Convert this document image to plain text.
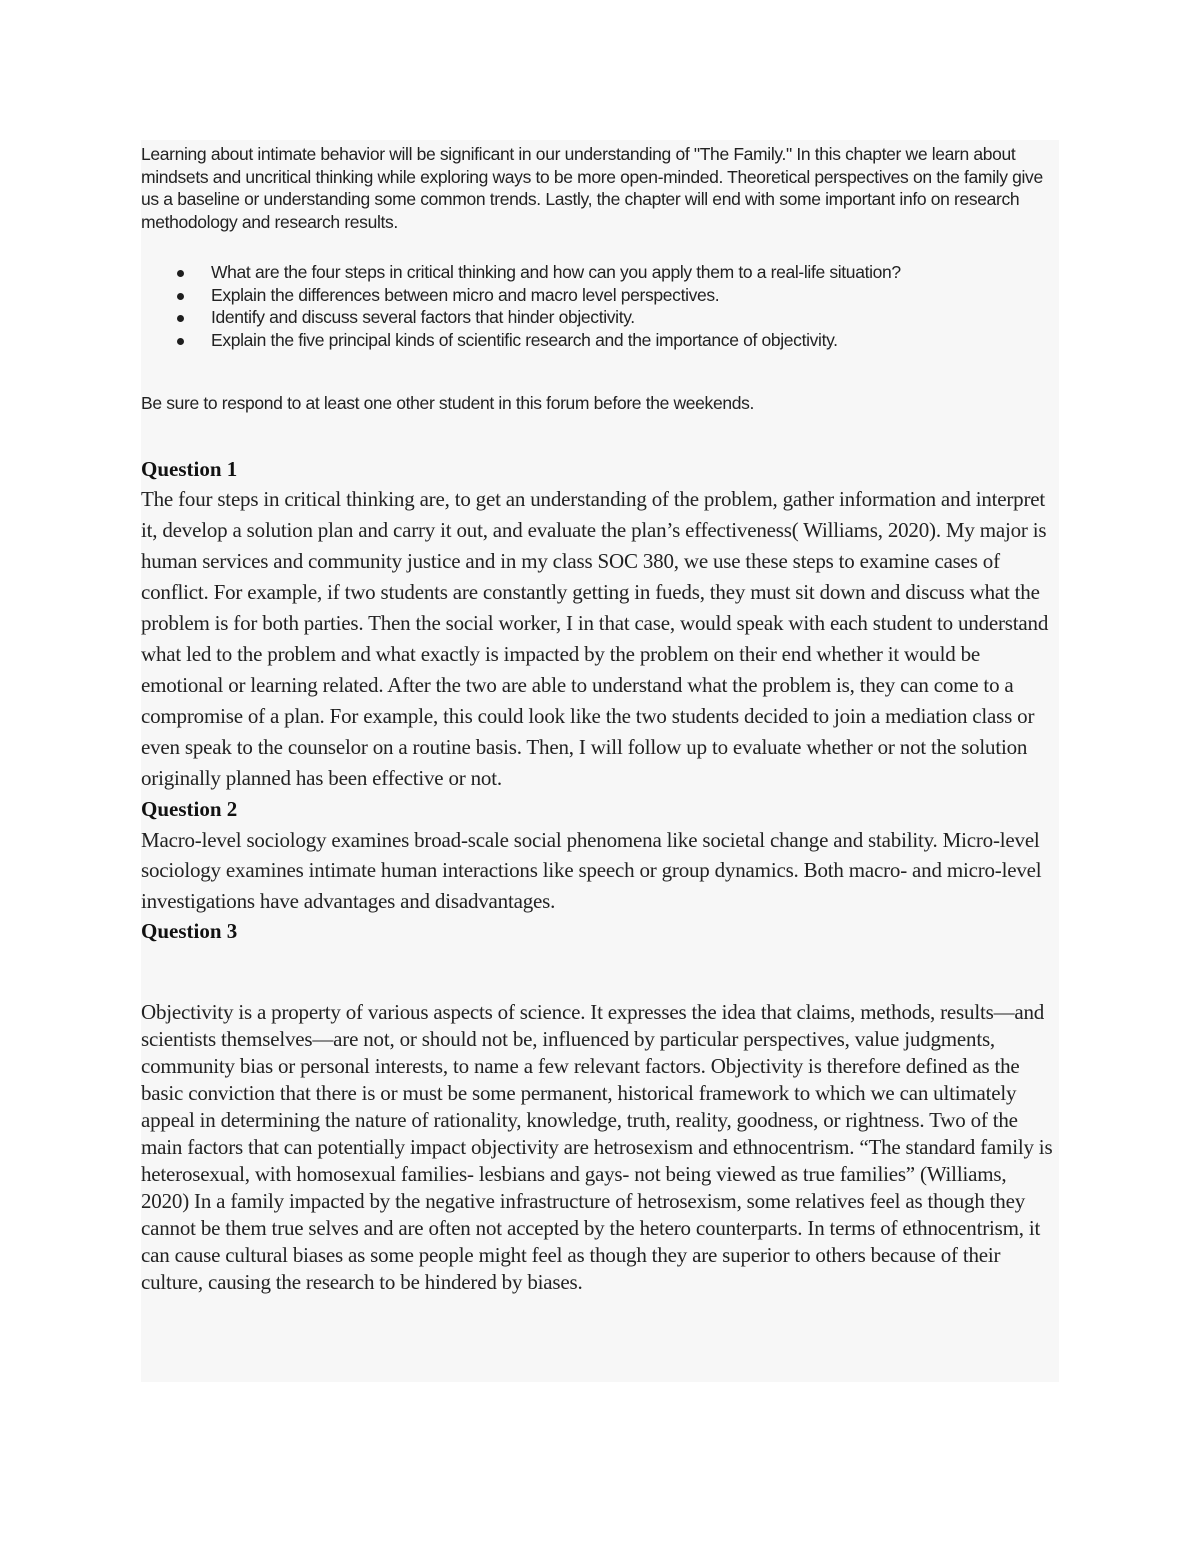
Learning about intimate behavior will be significant in our understanding of "The Family." In this chapter we learn about mindsets and uncritical thinking while exploring ways to be more open-minded. Theoretical perspectives on the family give us a baseline or understanding some common trends. Lastly, the chapter will end with some important info on research methodology and research results.

What are the four steps in critical thinking and how can you apply them to a real-life situation?
Explain the differences between micro and macro level perspectives.
Identify and discuss several factors that hinder objectivity.
Explain the five principal kinds of scientific research and the importance of objectivity.

Be sure to respond to at least one other student in this forum before the weekends.

Question 1

The four steps in critical thinking are, to get an understanding of the problem, gather information and interpret it, develop a solution plan and carry it out, and evaluate the plan’s effectiveness( Williams, 2020). My major is human services and community justice and in my class SOC 380, we use these steps to examine cases of conflict. For example, if two students are constantly getting in fueds, they must sit down and discuss what the problem is for both parties. Then the social worker, I in that case, would speak with each student to understand what led to the problem and what exactly is impacted by the problem on their end whether it would be emotional or learning related. After the two are able to understand what the problem is, they can come to a compromise of a plan. For example, this could look like the two students decided to join a mediation class or even speak to the counselor on a routine basis. Then, I will follow up to evaluate whether or not the solution originally planned has been effective or not.

Question 2

Macro-level sociology examines broad-scale social phenomena like societal change and stability. Micro-level sociology examines intimate human interactions like speech or group dynamics. Both macro- and micro-level investigations have advantages and disadvantages.

Question 3

Objectivity is a property of various aspects of science. It expresses the idea that claims, methods, results—and scientists themselves—are not, or should not be, influenced by particular perspectives, value judgments, community bias or personal interests, to name a few relevant factors. Objectivity is therefore defined as the basic conviction that there is or must be some permanent, historical framework to which we can ultimately appeal in determining the nature of rationality, knowledge, truth, reality, goodness, or rightness. Two of the main factors that can potentially impact objectivity are hetrosexism and ethnocentrism. “The standard family is heterosexual, with homosexual families- lesbians and gays- not being viewed as true families” (Williams, 2020) In a family impacted by the negative infrastructure of hetrosexism, some relatives feel as though they cannot be them true selves and are often not accepted by the hetero counterparts. In terms of ethnocentrism, it can cause cultural biases as some people might feel as though they are superior to others because of their culture, causing the research to be hindered by biases.
